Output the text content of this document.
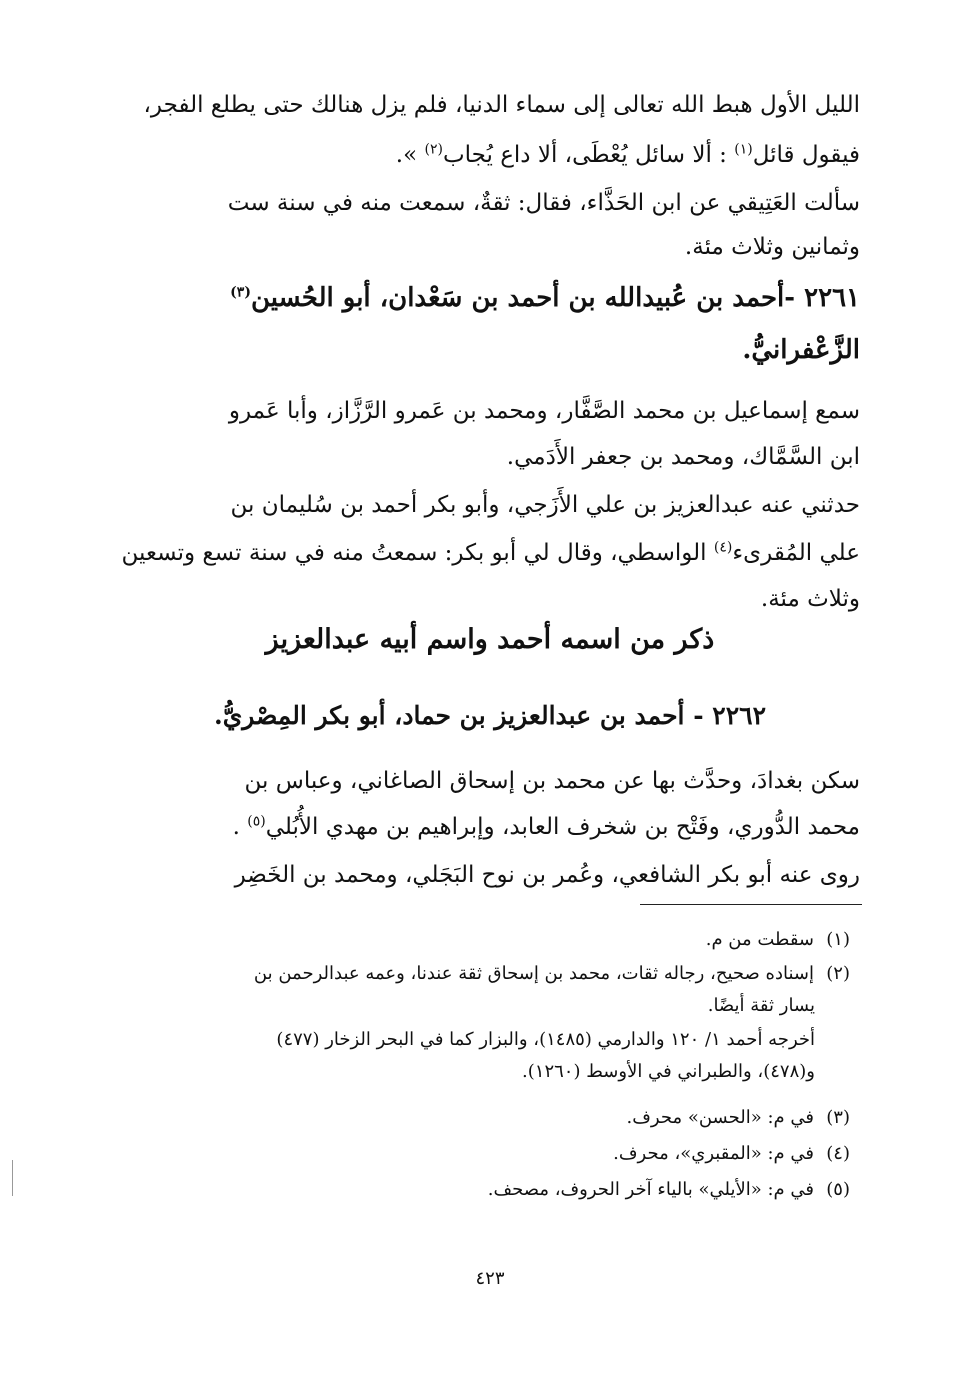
الليل الأول هبط الله تعالى إلى سماء الدنيا، فلم يزل هنالك حتى يطلع الفجر،
فيقول قائل$^{(١)}$ : ألا سائل يُعْطَى، ألا داع يُجاب$^{(٢)}$ ».
سألت العَتِيقي عن ابن الحَذَّاء، فقال: ثقةٌ، سمعت منه في سنة ست
وثمانين وثلاث مئة.
٢٢٦١ -أحمد بن عُبيدالله بن أحمد بن سَعْدان، أبو الحُسين$^{(٣)}$
الزَّعْفرانيُّ.
سمع إسماعيل بن محمد الصَّفَّار، ومحمد بن عَمرو الرَّزَّاز، وأبا عَمرو
ابن السَّمَّاك، ومحمد بن جعفر الأَدَمي.
حدثني عنه عبدالعزيز بن علي الأَزَجي، وأبو بكر أحمد بن سُليمان بن
علي المُقرىء$^{(٤)}$ الواسطي، وقال لي أبو بكر: سمعتُ منه في سنة تسع وتسعين
وثلاث مئة.
ذكر من اسمه أحمد واسم أبيه عبدالعزيز
٢٢٦٢ - أحمد بن عبدالعزيز بن حماد، أبو بكر المِصْريُّ.
سكن بغدادَ، وحدَّث بها عن محمد بن إسحاق الصاغاني، وعباس بن
محمد الدُّوري، وفَتْح بن شخرف العابد، وإبراهيم بن مهدي الأُبُلي$^{(٥)}$ .
روى عنه أبو بكر الشافعي، وعُمر بن نوح البَجَلي، ومحمد بن الخَضِر
(١)سقطت من م.
(٢)إسناده صحيح، رجاله ثقات، محمد بن إسحاق ثقة عندنا، وعمه عبدالرحمن بن
يسار ثقة أيضًا.
أخرجه أحمد ١/ ١٢٠ والدارمي (١٤٨٥)، والبزار كما في البحر الزخار (٤٧٧)
و(٤٧٨)، والطبراني في الأوسط (١٢٦٠).
(٣)في م: «الحسن» محرف.
(٤)في م: «المقبري»، محرف.
(٥)في م: «الأيلي» بالياء آخر الحروف، مصحف.
٤٢٣
